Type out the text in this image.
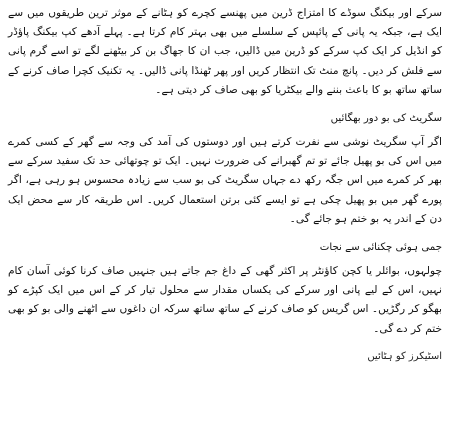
سرکے اور بیکنگ سوڈے کا امتزاج ڈرین میں پھنسے کچرے کو ہٹانے کے موثر ترین طریقوں میں سے ایک ہے، جبکہ یہ پانی کے پائپس کے سلسلے میں بھی بہتر کام کرتا ہے۔ پہلے آدھے کپ بیکنگ پاؤڈر کو انڈیل کر ایک کپ سرکے کو ڈرین میں ڈالیں، جب ان کا جھاگ بن کر بیٹھنے لگے تو اسے گرم پانی سے فلش کر دیں۔ پانچ منٹ تک انتظار کریں اور پھر ٹھنڈا پانی ڈالیں۔ یہ تکنیک کچرا صاف کرنے کے ساتھ ساتھ بو کا باعث بننے والے بیکٹریا کو بھی صاف کر دیتی ہے۔

سگریٹ کی بو دور بھگائیں

اگر آپ سگریٹ نوشی سے نفرت کرتے ہیں اور دوستوں کی آمد کی وجہ سے گھر کے کسی کمرے میں اس کی بو پھیل جائے تو تم گھبرانے کی ضرورت نہیں۔ ایک تو چوتھائی حد تک سفید سرکے سے بھر کر کمرے میں اس جگہ رکھ دے جہاں سگریٹ کی بو سب سے زیادہ محسوس ہو رہی ہے، اگر پورے گھر میں بو پھیل چکی ہے تو ایسے کئی برتن استعمال کریں۔ اس طریقہ کار سے محض ایک دن کے اندر یہ بو ختم ہو جائے گی۔

جمی ہوئی چکنائی سے نجات

چولہوں، بوائلر یا کچن کاؤنٹر پر اکثر گھی کے داغ جم جاتے ہیں جنہیں صاف کرنا کوئی آسان کام نہیں، اس کے لیے پانی اور سرکے کی یکساں مقدار سے محلول تیار کر کے اس میں ایک کپڑے کو بھگو کر رگڑیں۔ اس گریس کو صاف کرنے کے ساتھ ساتھ سرکہ ان داغوں سے اٹھنے والی بو کو بھی ختم کر دے گی۔

اسٹیکرز کو ہٹائیں
